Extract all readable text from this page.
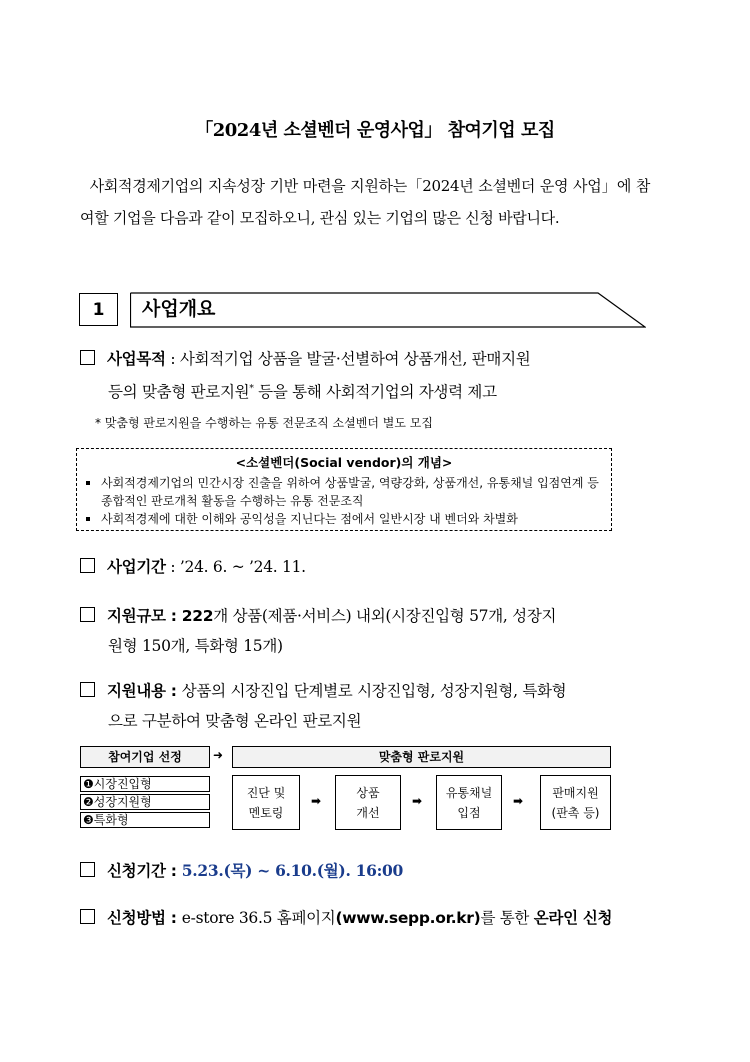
「2024년 소셜벤더 운영사업」 참여기업 모집
사회적경제기업의 지속성장 기반 마련을 지원하는「2024년 소셜벤더 운영 사업」에 참여할 기업을 다음과 같이 모집하오니, 관심 있는 기업의 많은 신청 바랍니다.
1	사업개요
사업목적 : 사회적기업 상품을 발굴·선별하여 상품개선, 판매지원
등의 맞춤형 판로지원* 등을 통해 사회적기업의 자생력 제고
* 맞춤형 판로지원을 수행하는 유통 전문조직 소셜벤더 별도 모집
<소셜벤더(Social vendor)의 개념>
사회적경제기업의 민간시장 진출을 위하여 상품발굴, 역량강화, 상품개선, 유통채널 입점연계 등 종합적인 판로개척 활동을 수행하는 유통 전문조직
사회적경제에 대한 이해와 공익성을 지닌다는 점에서 일반시장 내 벤더와 차별화
사업기간 : ’24. 6. ~ ’24. 11.
지원규모 : 222개 상품(제품·서비스) 내외(시장진입형 57개, 성장지
원형 150개, 특화형 15개)
지원내용 : 상품의 시장진입 단계별로 시장진입형, 성장지원형, 특화형
으로 구분하여 맞춤형 온라인 판로지원
참여기업 선정	➜	맞춤형 판로지원
❶시장진입형
❷성장지원형
❸특화형
진단 및
멘토링
➡
상품
개선
➡
유통채널
입점
➡
판매지원
(판촉 등)
신청기간 : 5.23.(목) ~ 6.10.(월). 16:00
신청방법 : e-store 36.5 홈페이지(www.sepp.or.kr)를 통한 온라인 신청
